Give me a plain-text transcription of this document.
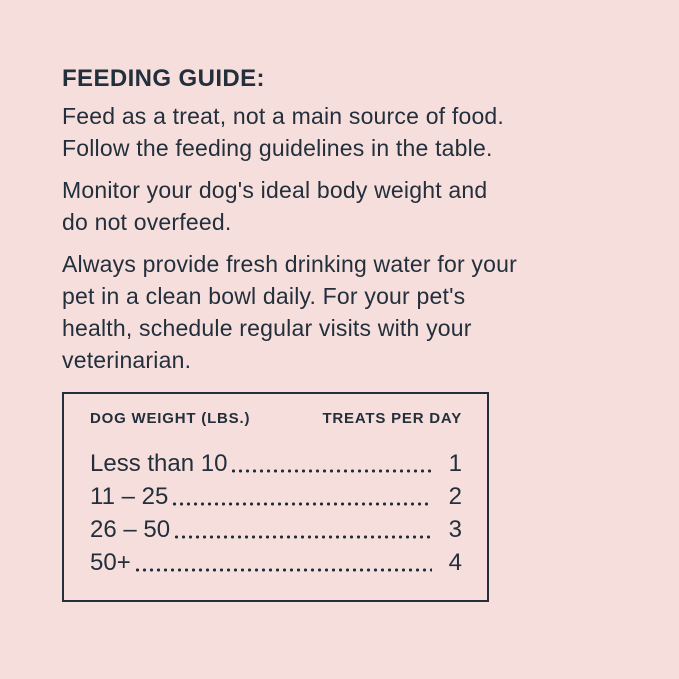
FEEDING GUIDE:

Feed as a treat, not a main source of food.
Follow the feeding guidelines in the table.

Monitor your dog's ideal body weight and
do not overfeed.

Always provide fresh drinking water for your
pet in a clean bowl daily. For your pet's
health, schedule regular visits with your
veterinarian.

DOG WEIGHT (LBS.)	TREATS PER DAY
Less than 10	1
11 – 25	2
26 – 50	3
50+	4
